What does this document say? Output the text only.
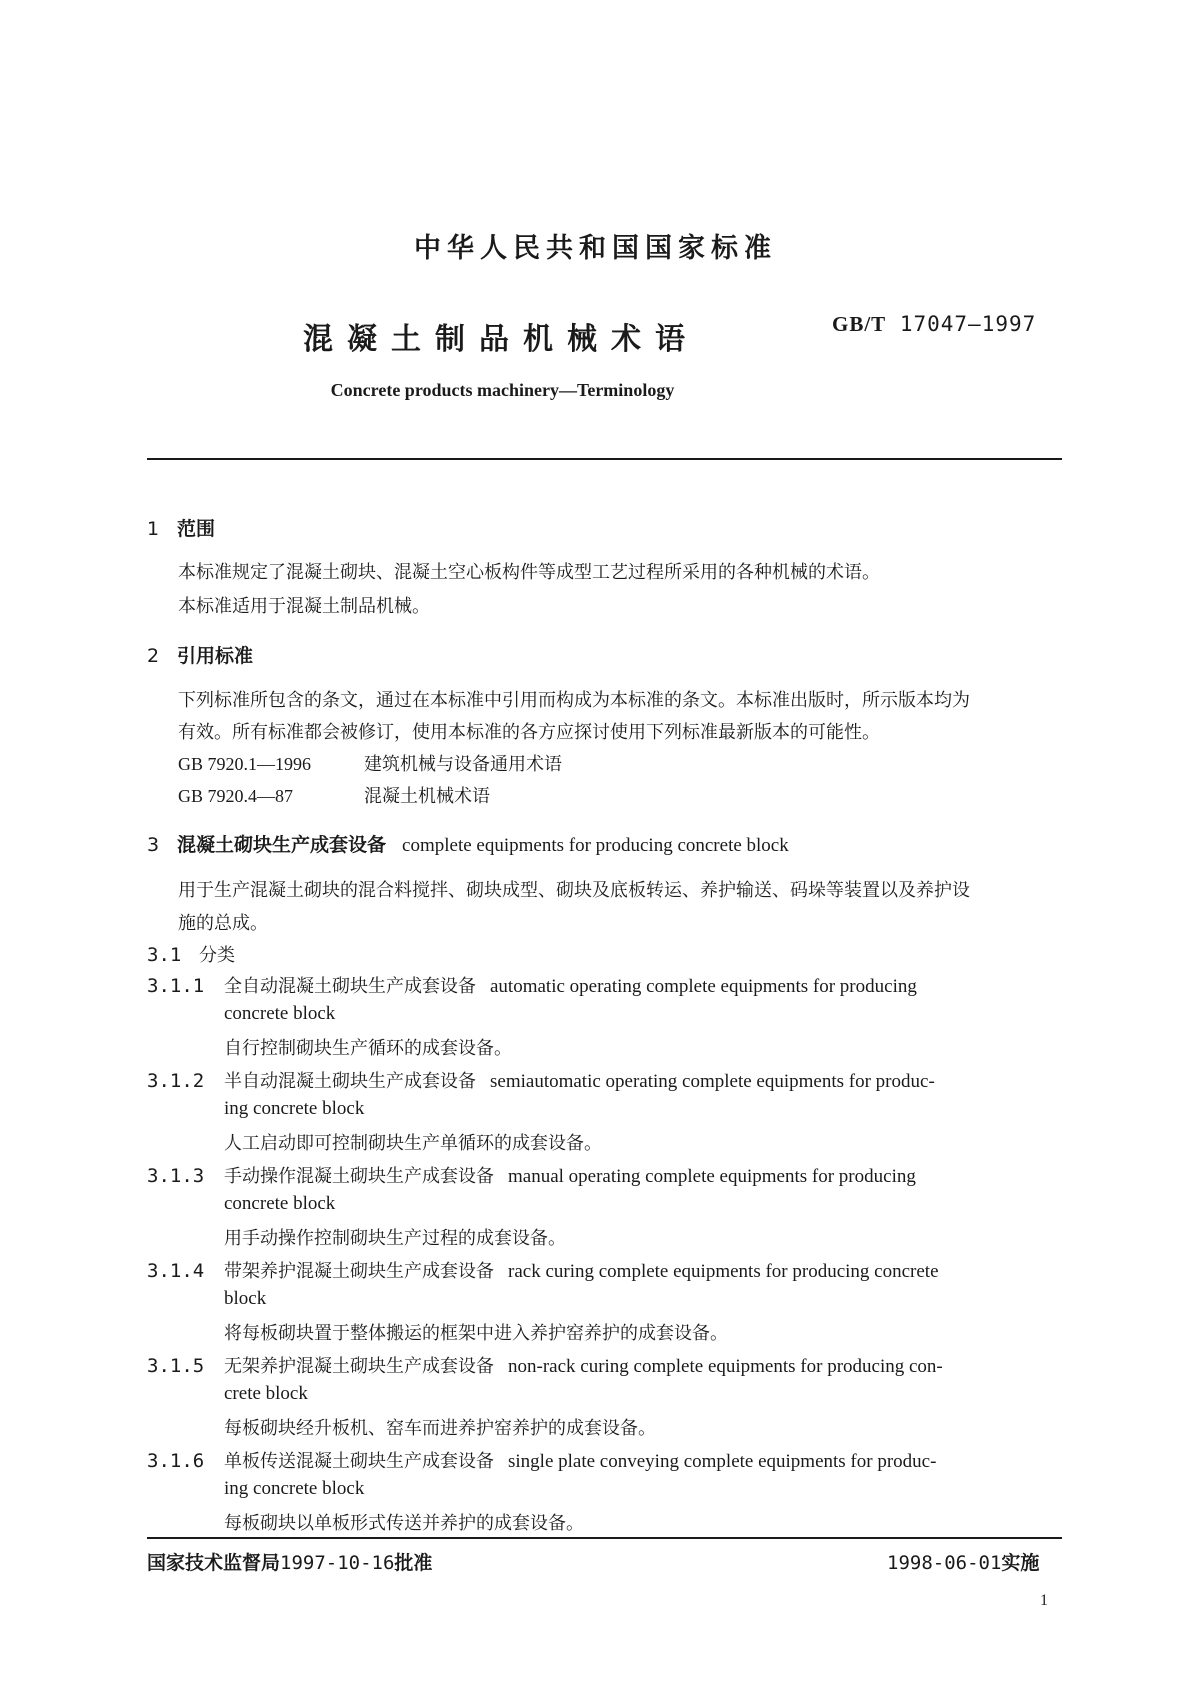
中华人民共和国国家标准
混凝土制品机械术语	GB/T 17047—1997
Concrete products machinery—Terminology
1 范围
本标准规定了混凝土砌块、混凝土空心板构件等成型工艺过程所采用的各种机械的术语。
本标准适用于混凝土制品机械。
2 引用标准
下列标准所包含的条文，通过在本标准中引用而构成为本标准的条文。本标准出版时，所示版本均为
有效。所有标准都会被修订，使用本标准的各方应探讨使用下列标准最新版本的可能性。
GB 7920.1—1996	建筑机械与设备通用术语
GB 7920.4—87	混凝土机械术语
3 混凝土砌块生产成套设备 complete equipments for producing concrete block
用于生产混凝土砌块的混合料搅拌、砌块成型、砌块及底板转运、养护输送、码垛等装置以及养护设
施的总成。
3.1 分类
3.1.1 全自动混凝土砌块生产成套设备 automatic operating complete equipments for producing
concrete block
自行控制砌块生产循环的成套设备。
3.1.2 半自动混凝土砌块生产成套设备 semiautomatic operating complete equipments for produc-
ing concrete block
人工启动即可控制砌块生产单循环的成套设备。
3.1.3 手动操作混凝土砌块生产成套设备 manual operating complete equipments for producing
concrete block
用手动操作控制砌块生产过程的成套设备。
3.1.4 带架养护混凝土砌块生产成套设备 rack curing complete equipments for producing concrete
block
将每板砌块置于整体搬运的框架中进入养护窑养护的成套设备。
3.1.5 无架养护混凝土砌块生产成套设备 non-rack curing complete equipments for producing con-
crete block
每板砌块经升板机、窑车而进养护窑养护的成套设备。
3.1.6 单板传送混凝土砌块生产成套设备 single plate conveying complete equipments for produc-
ing concrete block
每板砌块以单板形式传送并养护的成套设备。
国家技术监督局1997-10-16批准	1998-06-01实施
1
